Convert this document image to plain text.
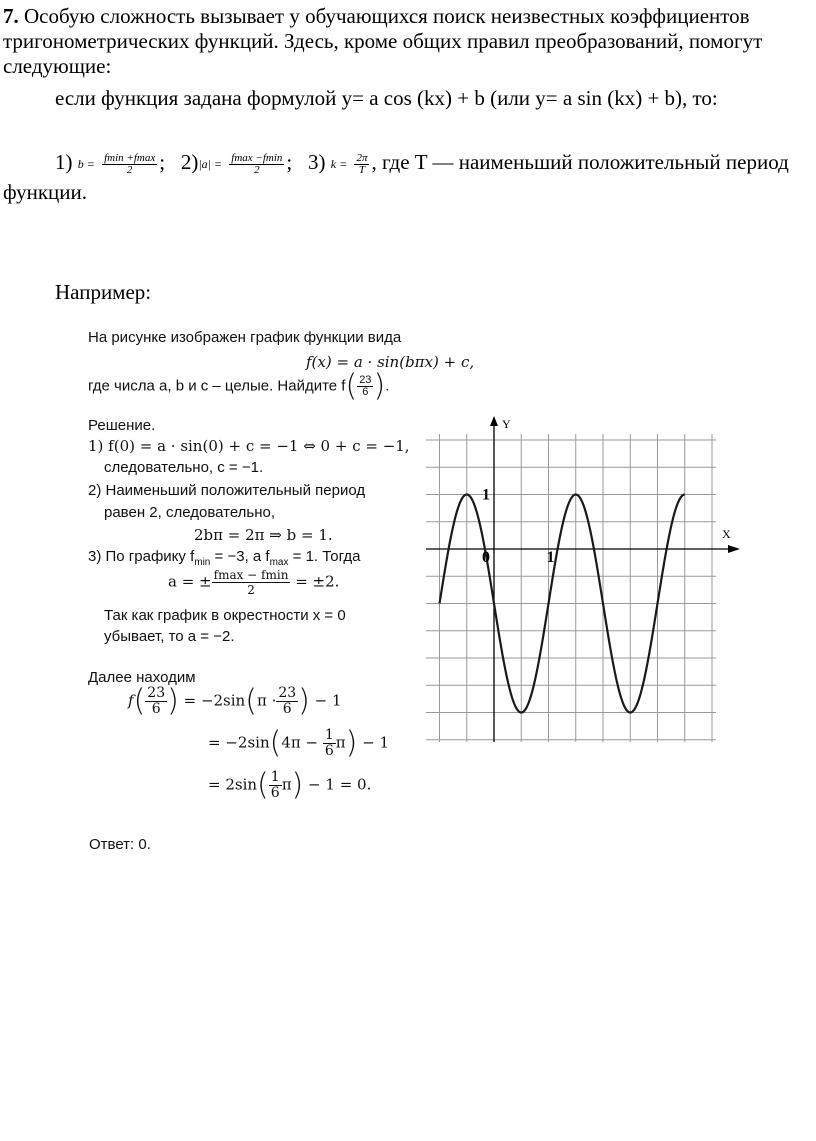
7. Особую сложность вызывает у обучающихся поиск неизвестных коэффициентов тригонометрических функций. Здесь, кроме общих правил преобразований, помогут следующие:
если функция задана формулой y= a cos (kx) + b (или y= a sin (kx) + b), то:
1) $b = \frac{fmin +fmax}{2}$ ; $2)|a| = \frac{fmax -fmin}{2}$ ; 3) $k = \frac{2\pi}{T}$ , где T — наименьший положительный период функции.
Например:
На рисунке изображен график функции вида
f(x) = a · sin(bπx) + c,
где числа a, b и c – целые. Найдите $f( \frac{23}{6}$ ).
Решение.
1) f(0) = a · sin(0) + c = −1 ⇔ 0 + c = −1,
следовательно, c = −1.
2) Наименьший положительный период
равен 2, следовательно,
2bπ = 2π ⇒ b = 1.
3) По графику $f_{min} = -3$, а $f_{max} = 1$. Тогда
a = ± $\frac{fmax - fmin}{2} = \pm 2$.
Так как график в окрестности x = 0
убывает, то a = −2.
Далее находим
$f( \frac{23}{6}$ ) = $-2\sin(\pi \cdot \frac{23}{6}$ ) − 1
= $-2\sin(4\pi - \frac{1}{6} \pi) - 1$
= $2\sin( \frac{1}{6} \pi) - 1 = 0$.
Ответ: 0.
Y
X
0	1
1
